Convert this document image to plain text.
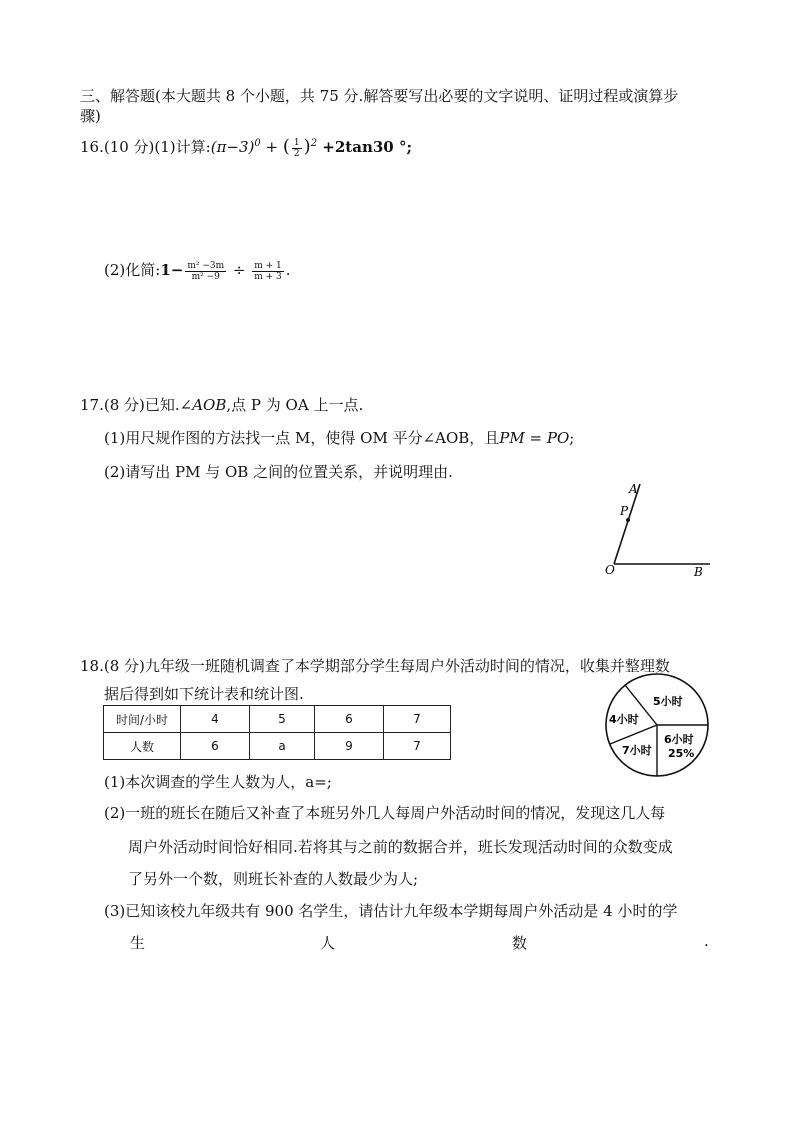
三、解答题(本大题共 8 个小题，共 75 分.解答要写出必要的文字说明、证明过程或演算步
骤)
16.(10 分)(1)计算$:(\pi-3)^0$ + ( $\frac{1}{2} )^2 +2\tan 30$ °;
(2)化简:1− $\frac{\text{m² −3m}}{\text{m² −9}} \div \frac{m + 1}{m + 3}$ .
17.(8 分)已知.∠AOB,点 P 为 OA 上一点.
(1)用尺规作图的方法找一点 M，使得 OM 平分∠AOB，且PM = PO;
(2)请写出 PM 与 OB 之间的位置关系，并说明理由.
A
P
O	B
18.(8 分)九年级一班随机调查了本学期部分学生每周户外活动时间的情况，收集并整理数
据后得到如下统计表和统计图.
时间/小时	4	5	6	7
人数	6	a	9	7
5小时
4小时
7小时
6小时
25%
(1)本次调查的学生人数为人，a=;
(2)一班的班长在随后又补查了本班另外几人每周户外活动时间的情况，发现这几人每
周户外活动时间恰好相同.若将其与之前的数据合并，班长发现活动时间的众数变成
了另外一个数，则班长补查的人数最少为人;
(3)已知该校九年级共有 900 名学生，请估计九年级本学期每周户外活动是 4 小时的学
生	人	数	.
